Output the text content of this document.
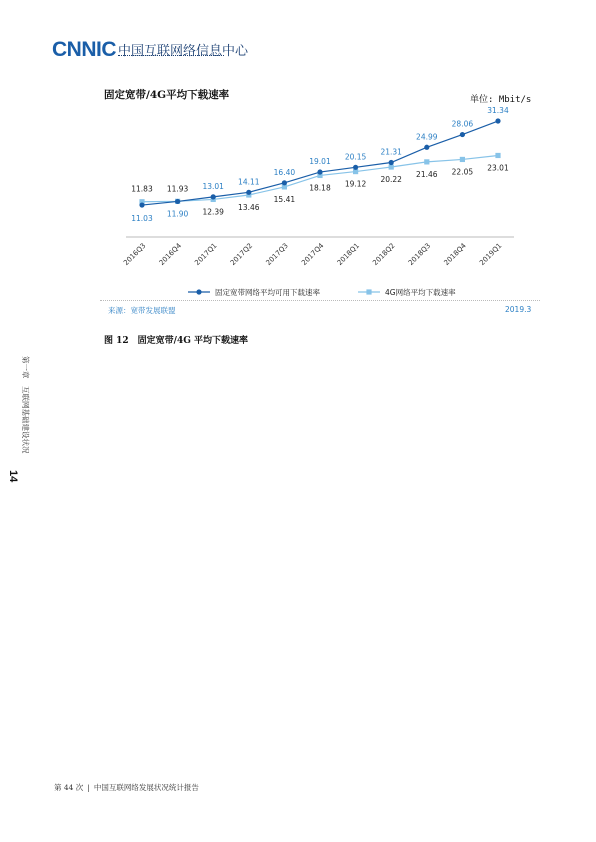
CNNIC 中国互联网络信息中心
固定宽带/4G平均下载速率	单位: Mbit/s
2016Q3 2016Q4 2017Q1 2017Q2 2017Q3 2017Q4 2018Q1 2018Q2 2018Q3 2018Q4 2019Q1
11.03
11.90
13.01
14.11
16.40
19.01
20.15
21.31
24.99
28.06
31.34
11.83 11.93
12.39 13.46
15.41
18.18 19.12
20.22
21.46 22.05 23.01
固定宽带网络平均可用下载速率	4G网络平均下载速率
来源：宽带发展联盟	2019.3
图 12　固定宽带/4G 平均下载速率
第一章　互联网基础建设状况
14
第 44 次 | 中国互联网络发展状况统计报告
